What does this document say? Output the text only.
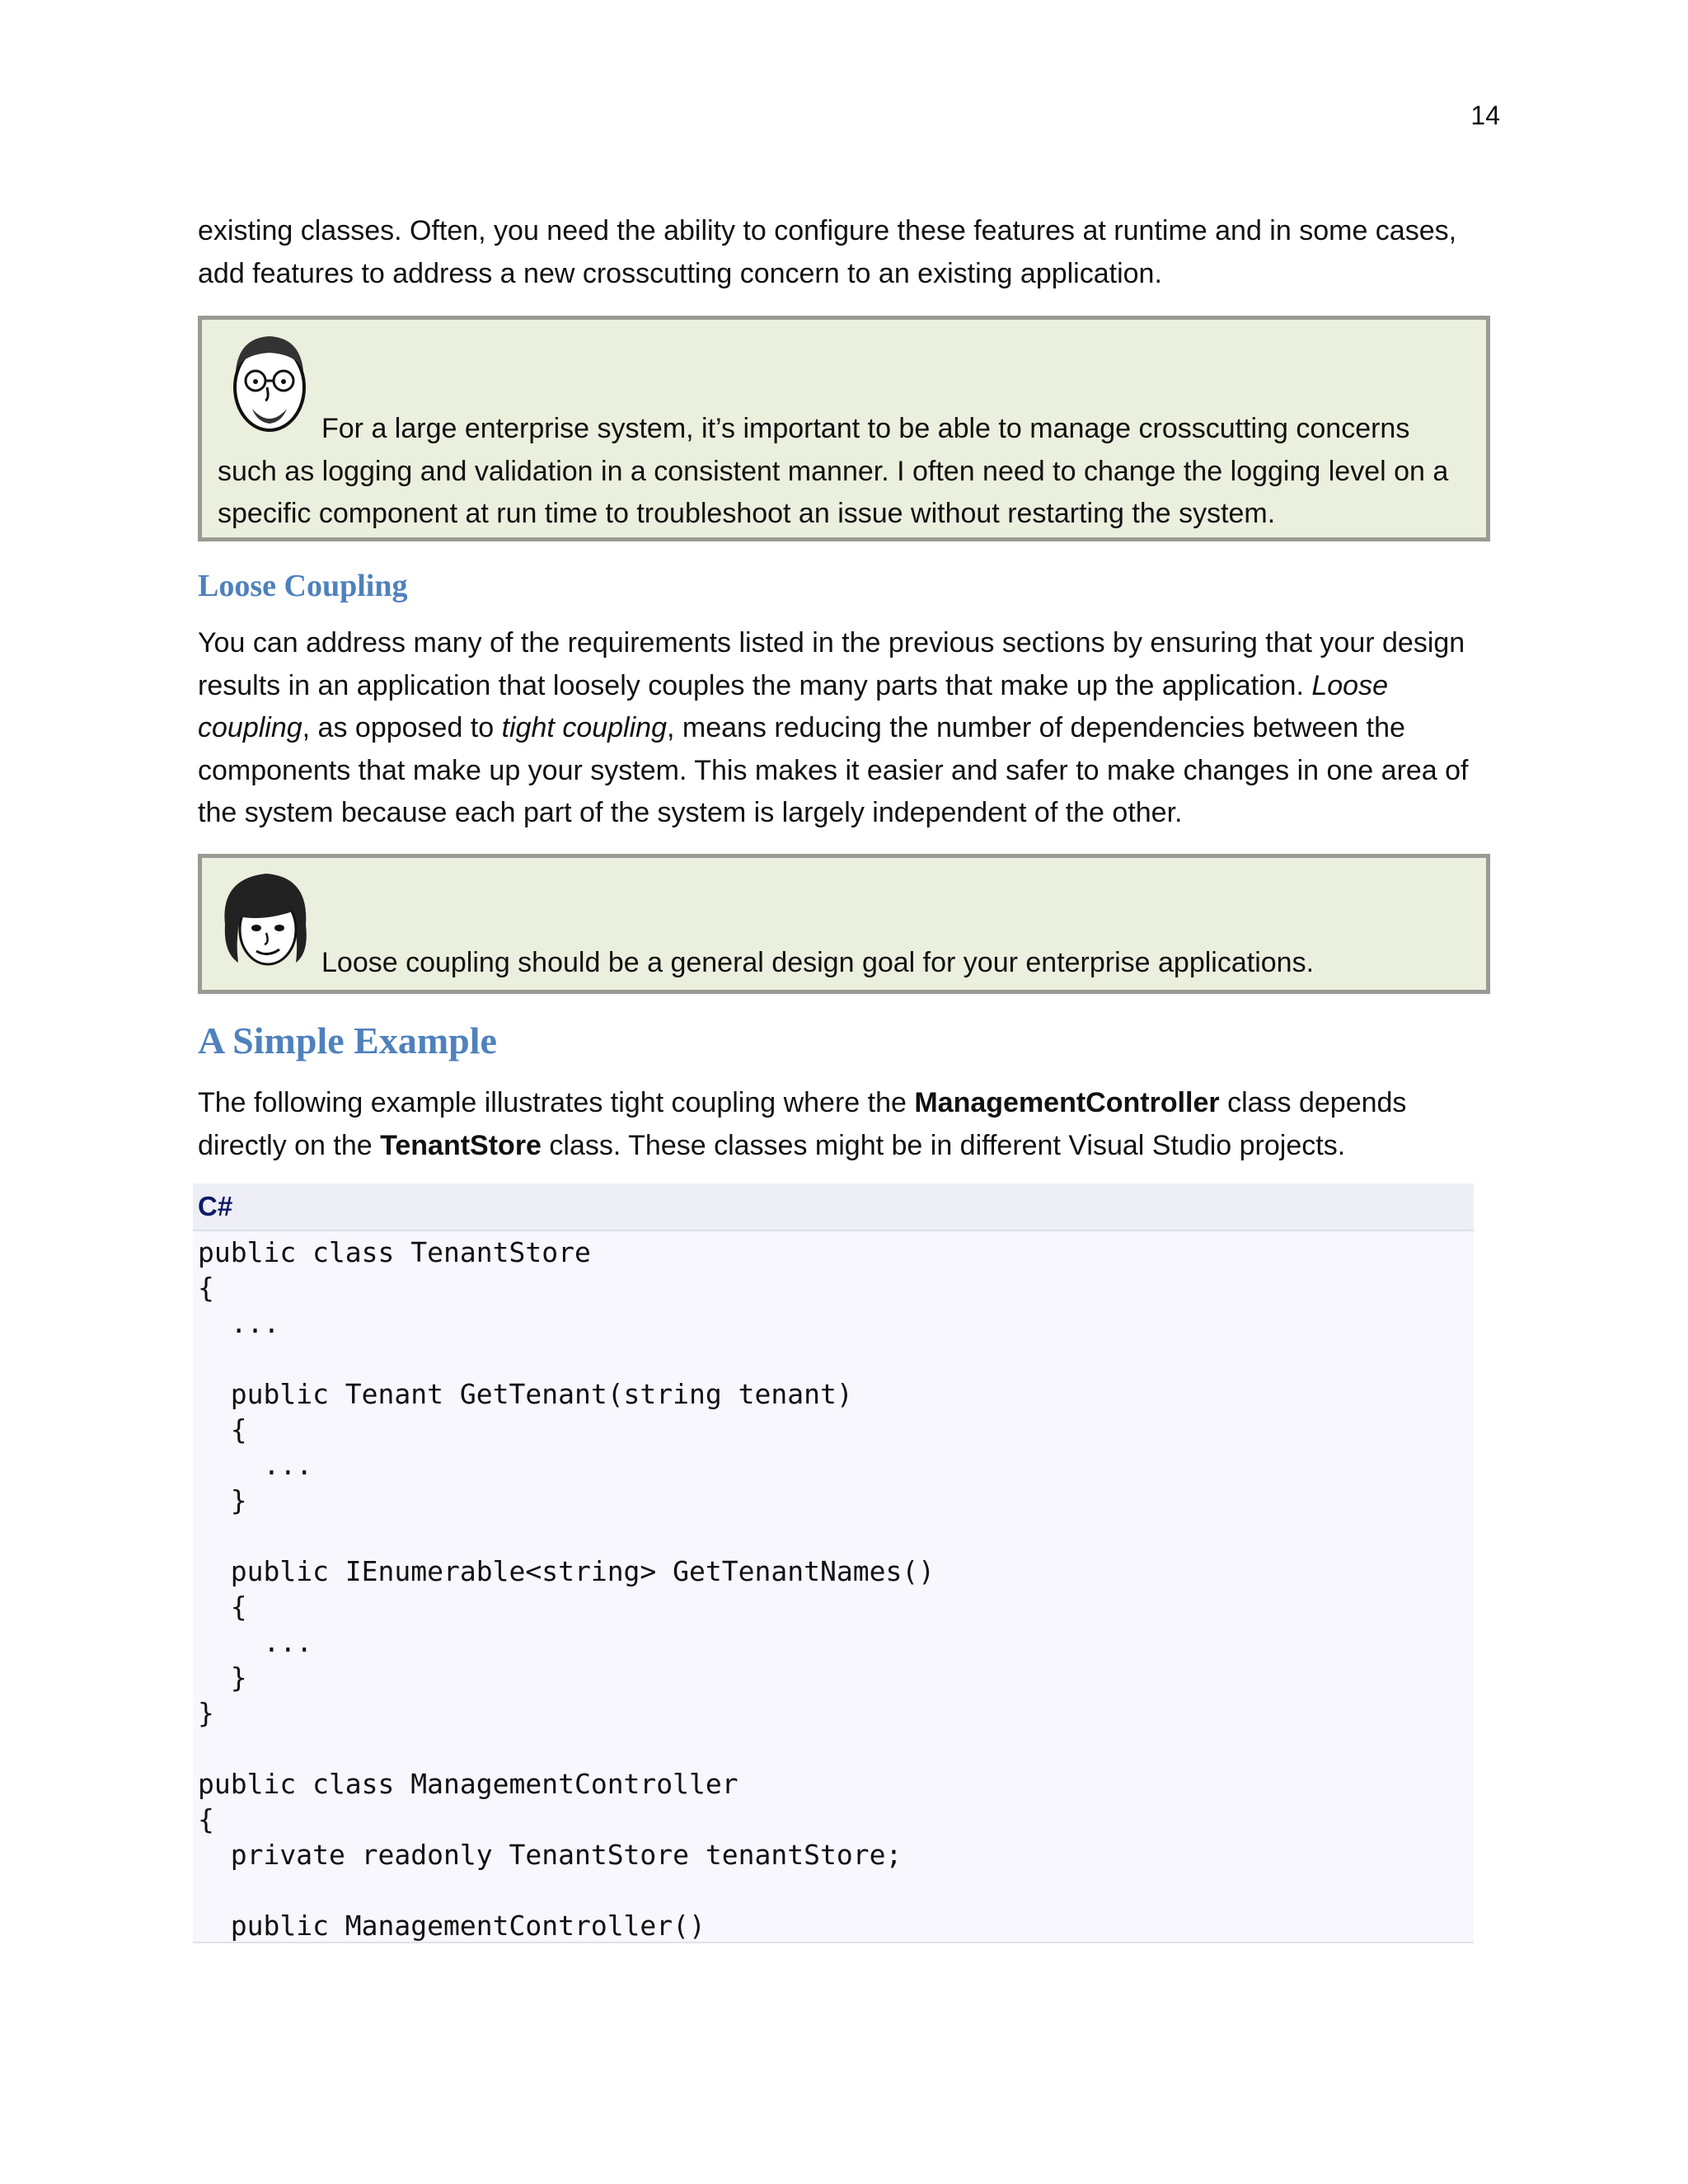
14

existing classes. Often, you need the ability to configure these features at runtime and in some cases, add features to address a new crosscutting concern to an existing application.

For a large enterprise system, it’s important to be able to manage crosscutting concerns such as logging and validation in a consistent manner. I often need to change the logging level on a specific component at run time to troubleshoot an issue without restarting the system.

Loose Coupling

You can address many of the requirements listed in the previous sections by ensuring that your design results in an application that loosely couples the many parts that make up the application. Loose coupling, as opposed to tight coupling, means reducing the number of dependencies between the components that make up your system. This makes it easier and safer to make changes in one area of the system because each part of the system is largely independent of the other.

Loose coupling should be a general design goal for your enterprise applications.

A Simple Example

The following example illustrates tight coupling where the ManagementController class depends directly on the TenantStore class. These classes might be in different Visual Studio projects.

C#
public class TenantStore
{
...
public Tenant GetTenant(string tenant)
{
...
}
public IEnumerable<string> GetTenantNames()
{
...
}
}
public class ManagementController
{
private readonly TenantStore tenantStore;
public ManagementController()
